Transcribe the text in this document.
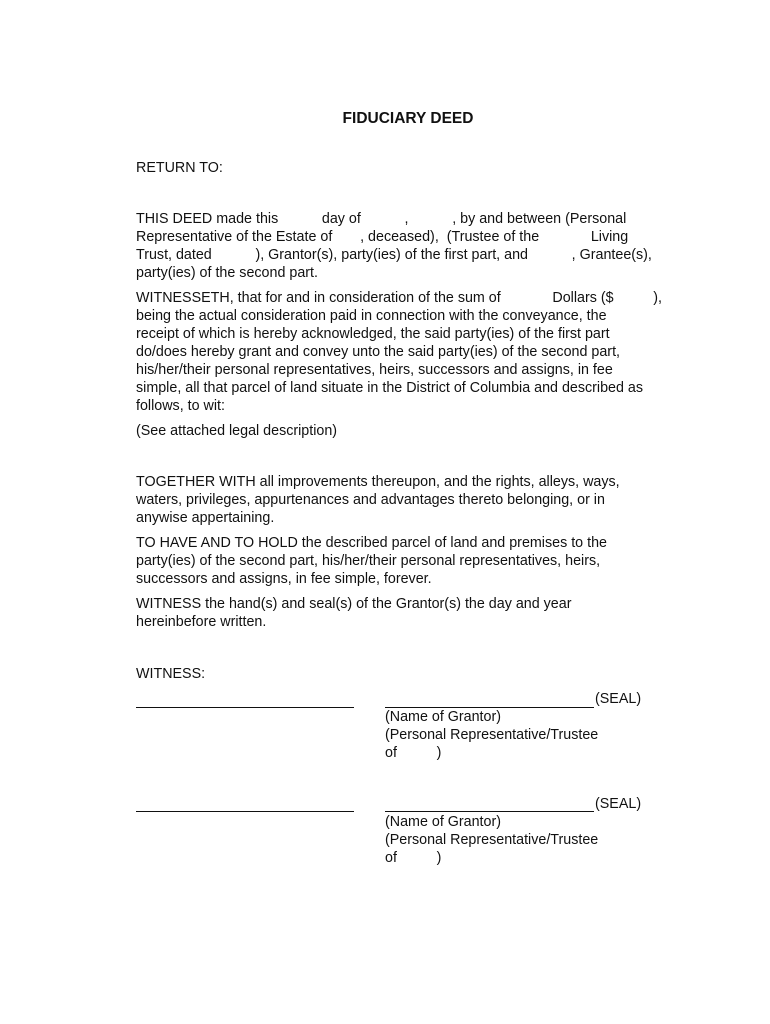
FIDUCIARY DEED

RETURN TO:

THIS DEED made this           day of           ,           , by and between (Personal

Representative of the Estate of       , deceased),  (Trustee of the             Living

Trust, dated           ), Grantor(s), party(ies) of the first part, and           , Grantee(s),

party(ies) of the second part.

WITNESSETH, that for and in consideration of the sum of             Dollars ($          ),

being the actual consideration paid in connection with the conveyance, the

receipt of which is hereby acknowledged, the said party(ies) of the first part

do/does hereby grant and convey unto the said party(ies) of the second part,

his/her/their personal representatives, heirs, successors and assigns, in fee

simple, all that parcel of land situate in the District of Columbia and described as

follows, to wit:

(See attached legal description)

TOGETHER WITH all improvements thereupon, and the rights, alleys, ways,

waters, privileges, appurtenances and advantages thereto belonging, or in

anywise appertaining.

TO HAVE AND TO HOLD the described parcel of land and premises to the

party(ies) of the second part, his/her/their personal representatives, heirs,

successors and assigns, in fee simple, forever.

WITNESS the hand(s) and seal(s) of the Grantor(s) the day and year

hereinbefore written.

WITNESS:

(SEAL)

(Name of Grantor)

(Personal Representative/Trustee

of          )

(SEAL)

(Name of Grantor)

(Personal Representative/Trustee

of          )
